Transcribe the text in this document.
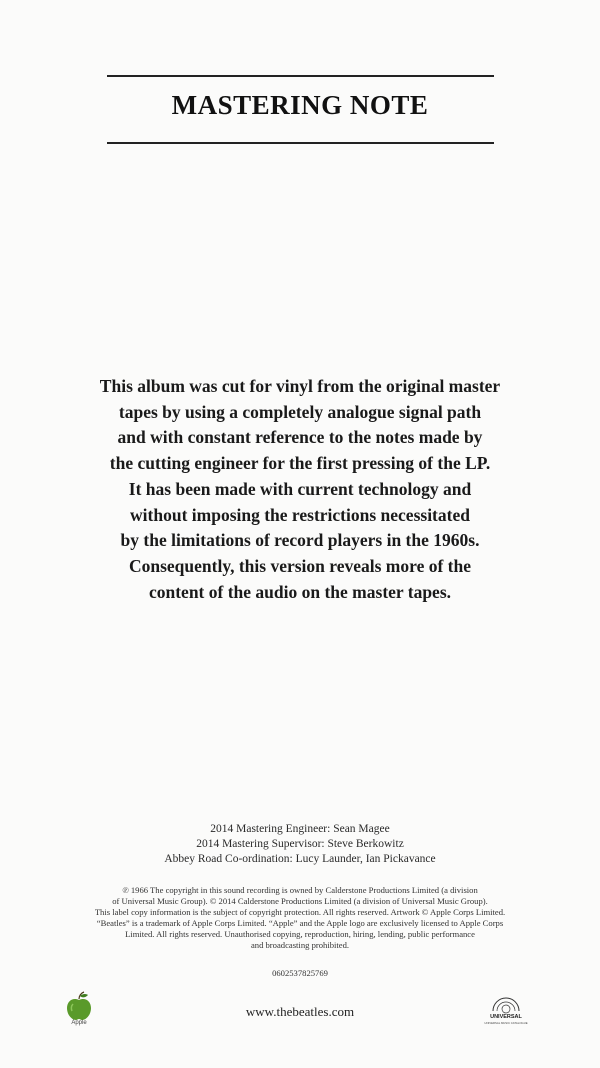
MASTERING NOTE
This album was cut for vinyl from the original master
tapes by using a completely analogue signal path
and with constant reference to the notes made by
the cutting engineer for the first pressing of the LP.
It has been made with current technology and
without imposing the restrictions necessitated
by the limitations of record players in the 1960s.
Consequently, this version reveals more of the
content of the audio on the master tapes.
2014 Mastering Engineer: Sean Magee
2014 Mastering Supervisor: Steve Berkowitz
Abbey Road Co-ordination: Lucy Launder, Ian Pickavance
℗ 1966 The copyright in this sound recording is owned by Calderstone Productions Limited (a division
of Universal Music Group). © 2014 Calderstone Productions Limited (a division of Universal Music Group).
This label copy information is the subject of copyright protection. All rights reserved. Artwork © Apple Corps Limited.
“Beatles” is a trademark of Apple Corps Limited. “Apple” and the Apple logo are exclusively licensed to Apple Corps
Limited. All rights reserved. Unauthorised copying, reproduction, hiring, lending, public performance
and broadcasting prohibited.
0602537825769
Apple
www.thebeatles.com	UNIVERSAL
UNIVERSAL MUSIC CATALOGUE
